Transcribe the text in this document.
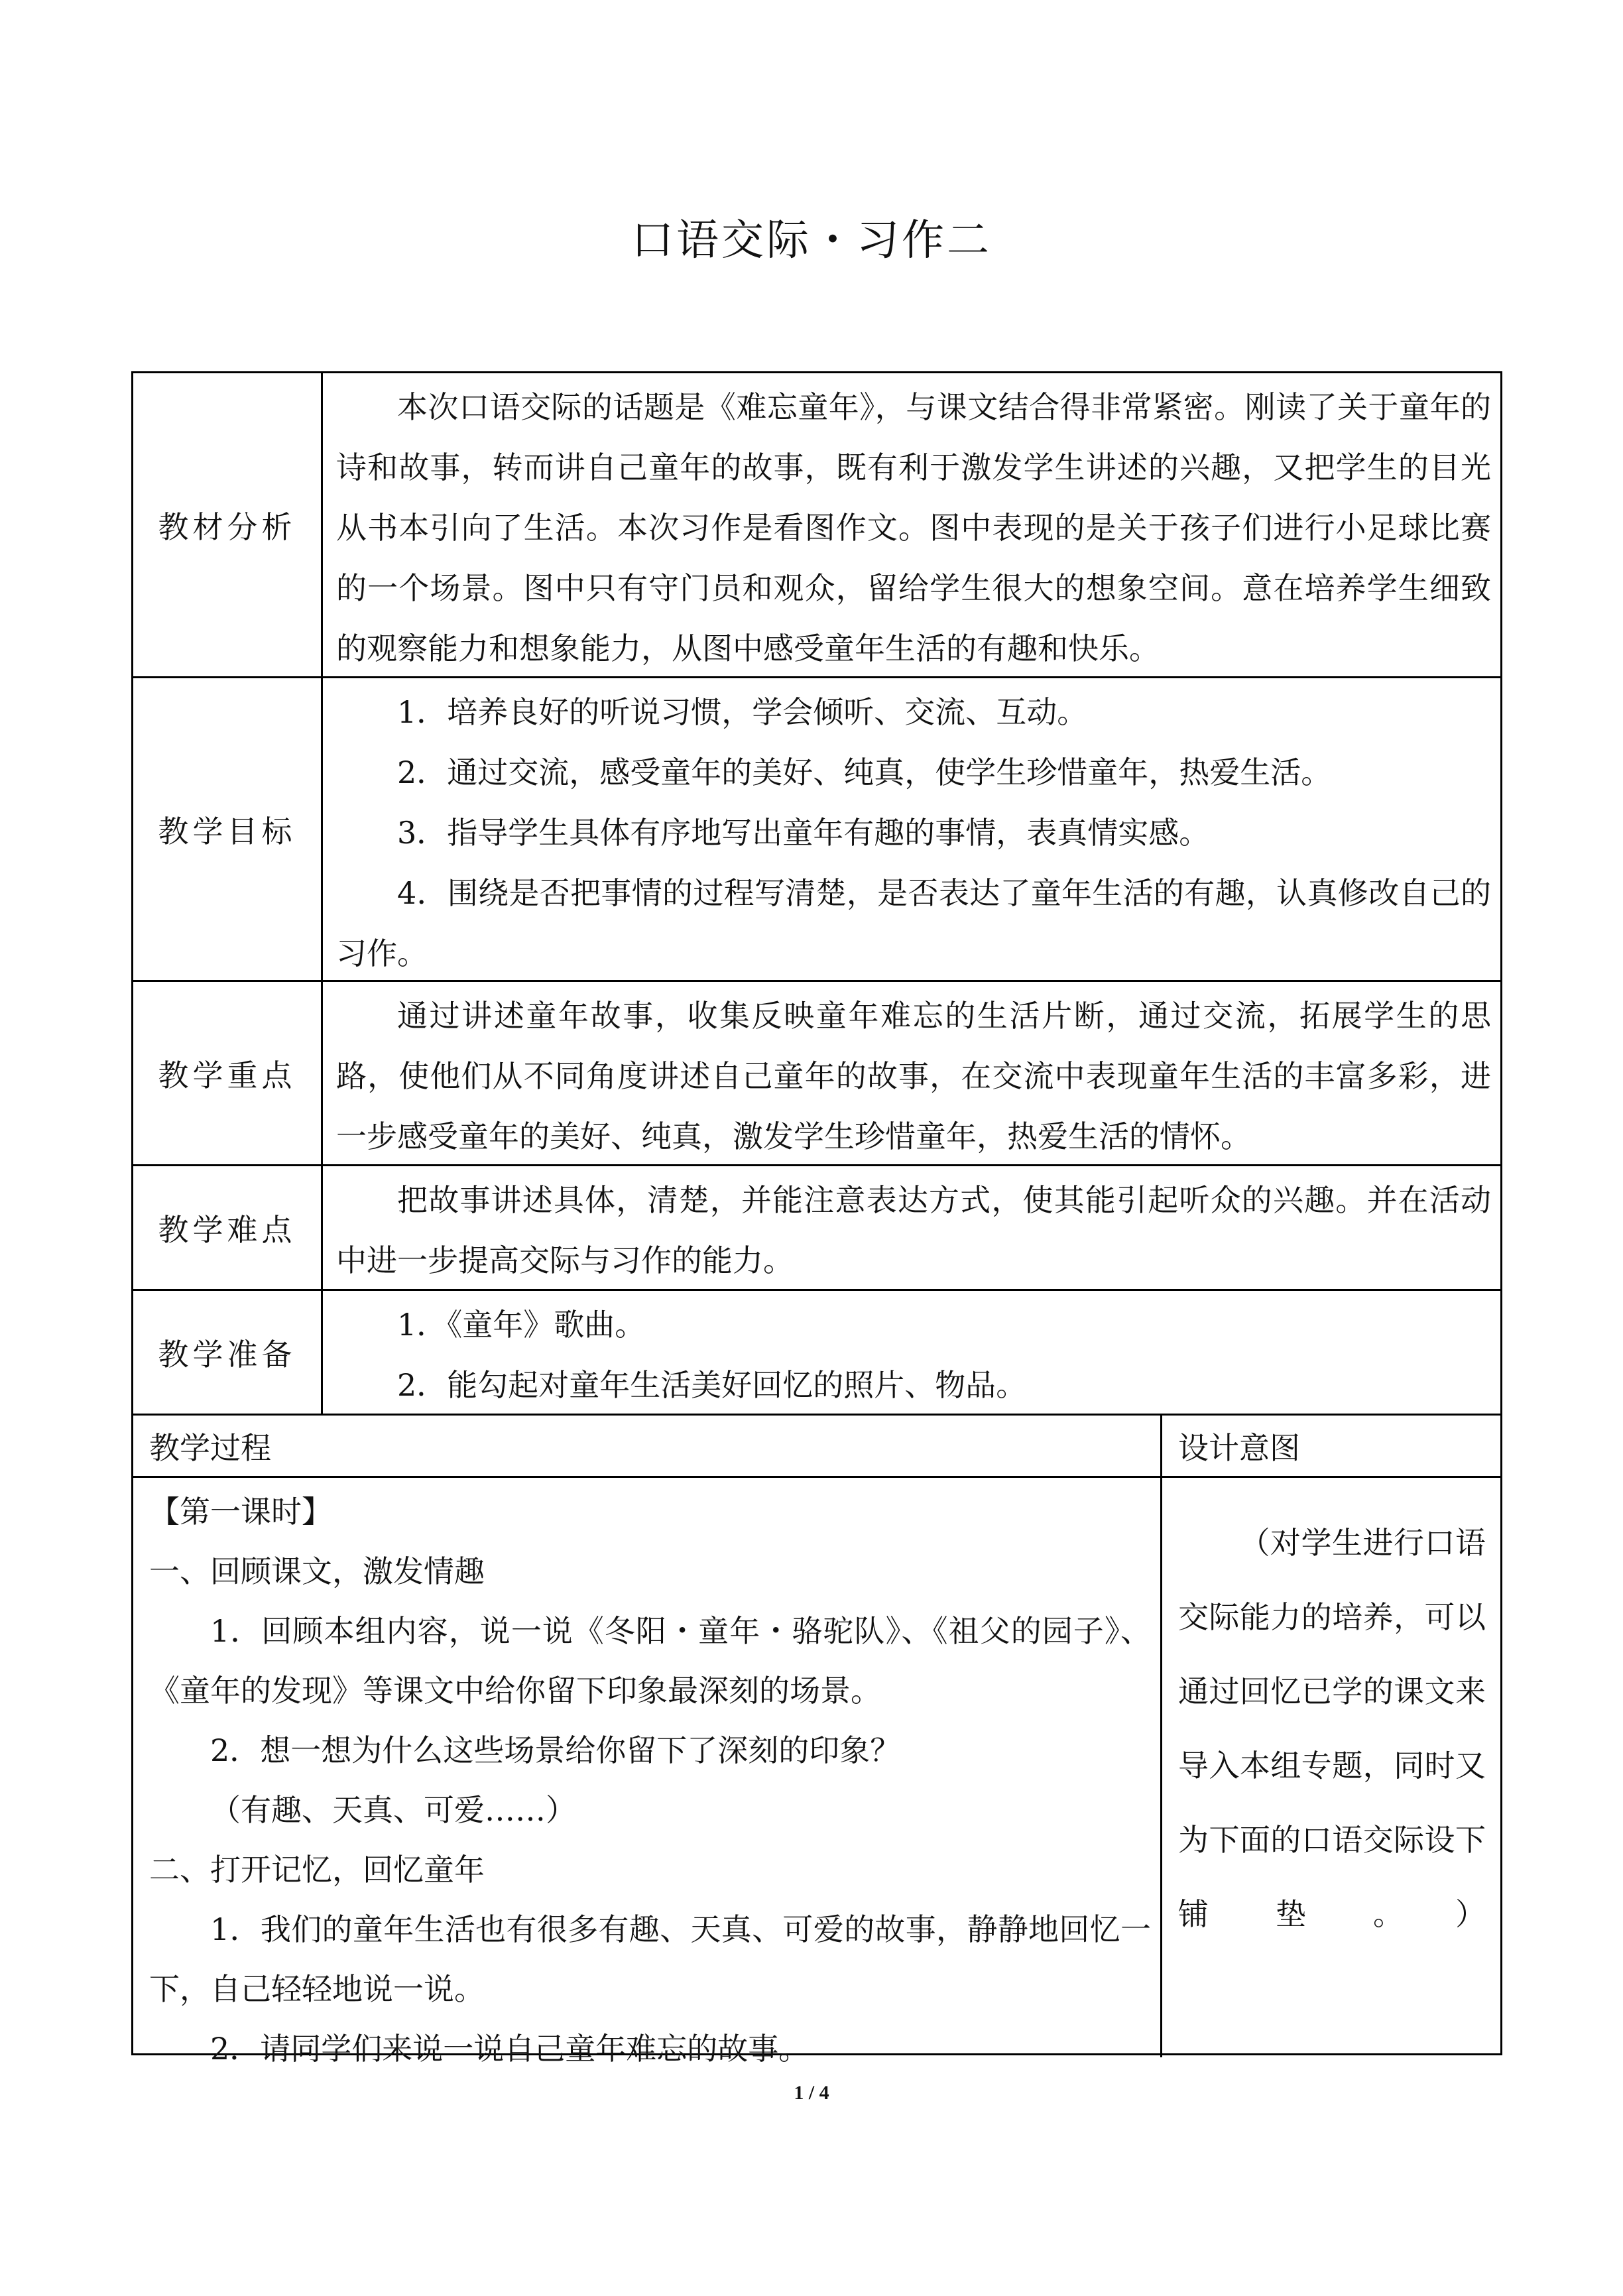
口语交际・习作二
教材分析

本次口语交际的话题是《难忘童年》，与课文结合得非常紧密。刚读了关于童年的诗和故事，转而讲自己童年的故事，既有利于激发学生讲述的兴趣，又把学生的目光从书本引向了生活。本次习作是看图作文。图中表现的是关于孩子们进行小足球比赛的一个场景。图中只有守门员和观众，留给学生很大的想象空间。意在培养学生细致的观察能力和想象能力，从图中感受童年生活的有趣和快乐。

教学目标

1．培养良好的听说习惯，学会倾听、交流、互动。

2．通过交流，感受童年的美好、纯真，使学生珍惜童年，热爱生活。

3．指导学生具体有序地写出童年有趣的事情，表真情实感。

4．围绕是否把事情的过程写清楚，是否表达了童年生活的有趣，认真修改自己的习作。

教学重点

通过讲述童年故事，收集反映童年难忘的生活片断，通过交流，拓展学生的思路，使他们从不同角度讲述自己童年的故事，在交流中表现童年生活的丰富多彩，进一步感受童年的美好、纯真，激发学生珍惜童年，热爱生活的情怀。

教学难点

把故事讲述具体，清楚，并能注意表达方式，使其能引起听众的兴趣。并在活动中进一步提高交际与习作的能力。

教学准备

1．《童年》歌曲。

2．能勾起对童年生活美好回忆的照片、物品。

教学过程	设计意图

【第一课时】

一、回顾课文，激发情趣

1．回顾本组内容，说一说《冬阳・童年・骆驼队》、《祖父的园子》、《童年的发现》等课文中给你留下印象最深刻的场景。

2．想一想为什么这些场景给你留下了深刻的印象？

（有趣、天真、可爱……）

二、打开记忆，回忆童年

1．我们的童年生活也有很多有趣、天真、可爱的故事，静静地回忆一下，自己轻轻地说一说。

2．请同学们来说一说自己童年难忘的故事。

（对学生进行口语交际能力的培养，可以通过回忆已学的课文来导入本组专题，同时又为下面的口语交际设下铺垫。）
1 / 4
